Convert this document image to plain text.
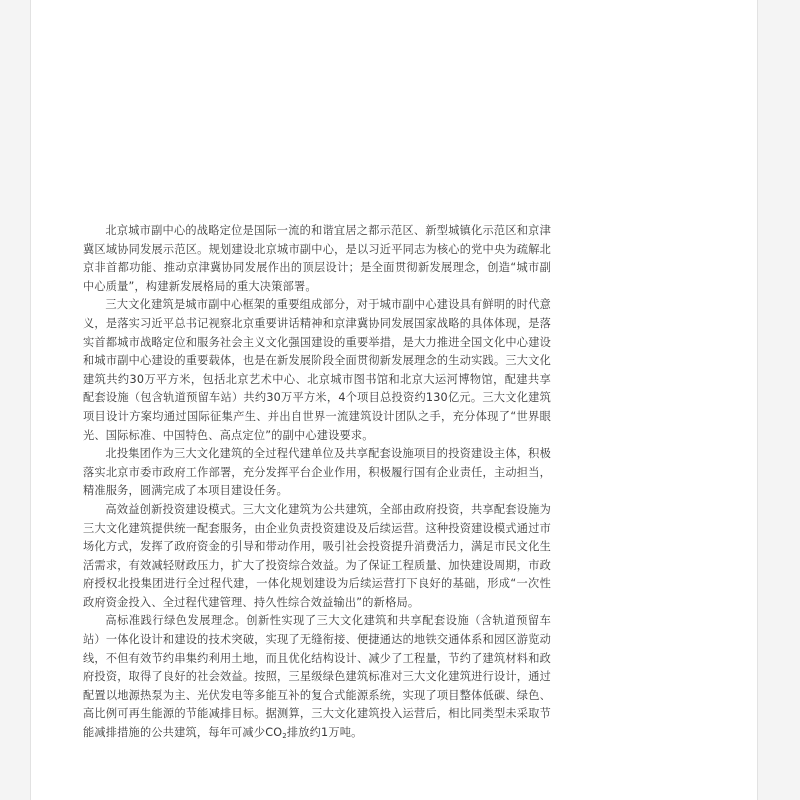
北京城市副中心的战略定位是国际一流的和谐宜居之都示范区、新型城镇化示范区和京津冀区域协同发展示范区。规划建设北京城市副中心，是以习近平同志为核心的党中央为疏解北京非首都功能、推动京津冀协同发展作出的顶层设计；是全面贯彻新发展理念，创造“城市副中心质量”，构建新发展格局的重大决策部署。

三大文化建筑是城市副中心框架的重要组成部分，对于城市副中心建设具有鲜明的时代意义，是落实习近平总书记视察北京重要讲话精神和京津冀协同发展国家战略的具体体现，是落实首都城市战略定位和服务社会主义文化强国建设的重要举措，是大力推进全国文化中心建设和城市副中心建设的重要载体，也是在新发展阶段全面贯彻新发展理念的生动实践。三大文化建筑共约30万平方米，包括北京艺术中心、北京城市图书馆和北京大运河博物馆，配建共享配套设施（包含轨道预留车站）共约30万平方米，4个项目总投资约130亿元。三大文化建筑项目设计方案均通过国际征集产生、并出自世界一流建筑设计团队之手，充分体现了“世界眼光、国际标准、中国特色、高点定位”的副中心建设要求。

北投集团作为三大文化建筑的全过程代建单位及共享配套设施项目的投资建设主体，积极落实北京市委市政府工作部署，充分发挥平台企业作用，积极履行国有企业责任，主动担当，精准服务，圆满完成了本项目建设任务。

高效益创新投资建设模式。三大文化建筑为公共建筑，全部由政府投资，共享配套设施为三大文化建筑提供统一配套服务，由企业负责投资建设及后续运营。这种投资建设模式通过市场化方式，发挥了政府资金的引导和带动作用，吸引社会投资提升消费活力，满足市民文化生活需求，有效减轻财政压力，扩大了投资综合效益。为了保证工程质量、加快建设周期，市政府授权北投集团进行全过程代建，一体化规划建设为后续运营打下良好的基础，形成“一次性政府资金投入、全过程代建管理、持久性综合效益输出”的新格局。

高标准践行绿色发展理念。创新性实现了三大文化建筑和共享配套设施（含轨道预留车站）一体化设计和建设的技术突破，实现了无缝衔接、便捷通达的地铁交通体系和园区游览动线，不但有效节约串集约利用土地，而且优化结构设计、减少了工程量，节约了建筑材料和政府投资，取得了良好的社会效益。按照，三星级绿色建筑标准对三大文化建筑进行设计，通过配置以地源热泵为主、光伏发电等多能互补的复合式能源系统，实现了项目整体低碳、绿色、高比例可再生能源的节能减排目标。据测算，三大文化建筑投入运营后，相比同类型未采取节能减排措施的公共建筑，每年可减少$CO_2$排放约1万吨。
